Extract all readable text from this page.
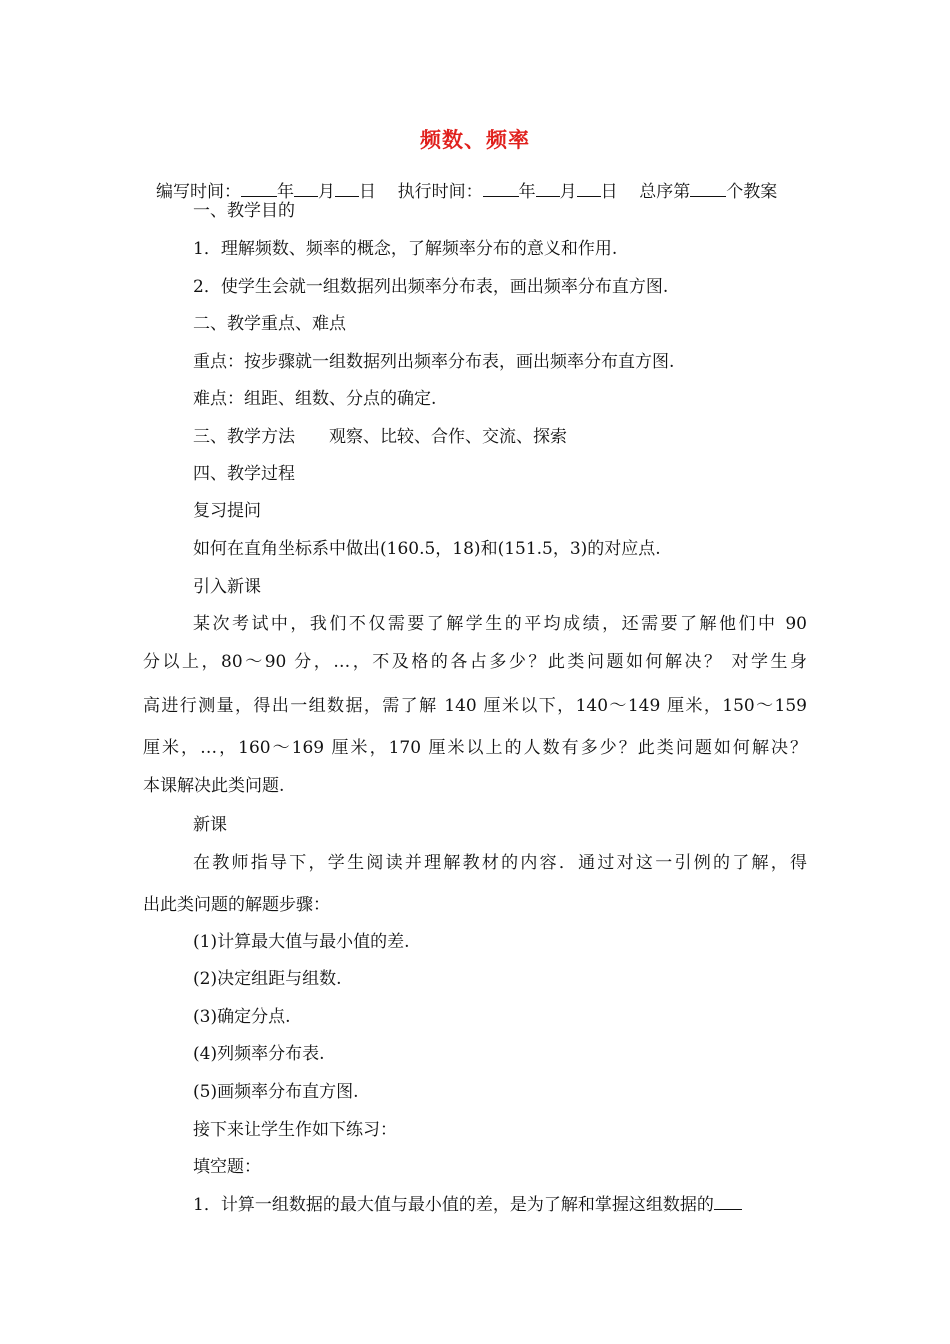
频数、频率
编写时间： 年 月 日 执行时间： 年 月 日 总序第 个教案
一、教学目的
1．理解频数、频率的概念，了解频率分布的意义和作用.
2．使学生会就一组数据列出频率分布表，画出频率分布直方图.
二、教学重点、难点
重点：按步骤就一组数据列出频率分布表，画出频率分布直方图.
难点：组距、组数、分点的确定.
三、教学方法 观察、比较、合作、交流、探索
四、教学过程
复习提问
如何在直角坐标系中做出(160.5，18)和(151.5，3)的对应点.
引入新课
某次考试中，我们不仅需要了解学生的平均成绩，还需要了解他们中 90
分以上，80～90 分，…，不及格的各占多少？此类问题如何解决？ 对学生身
高进行测量，得出一组数据，需了解 140 厘米以下，140～149 厘米，150～159
厘米，…，160～169 厘米，170 厘米以上的人数有多少？此类问题如何解决？
本课解决此类问题.
新课
在教师指导下，学生阅读并理解教材的内容．通过对这一引例的了解，得
出此类问题的解题步骤：
(1)计算最大值与最小值的差.
(2)决定组距与组数.
(3)确定分点.
(4)列频率分布表.
(5)画频率分布直方图.
接下来让学生作如下练习：
填空题：
1．计算一组数据的最大值与最小值的差，是为了解和掌握这组数据的
